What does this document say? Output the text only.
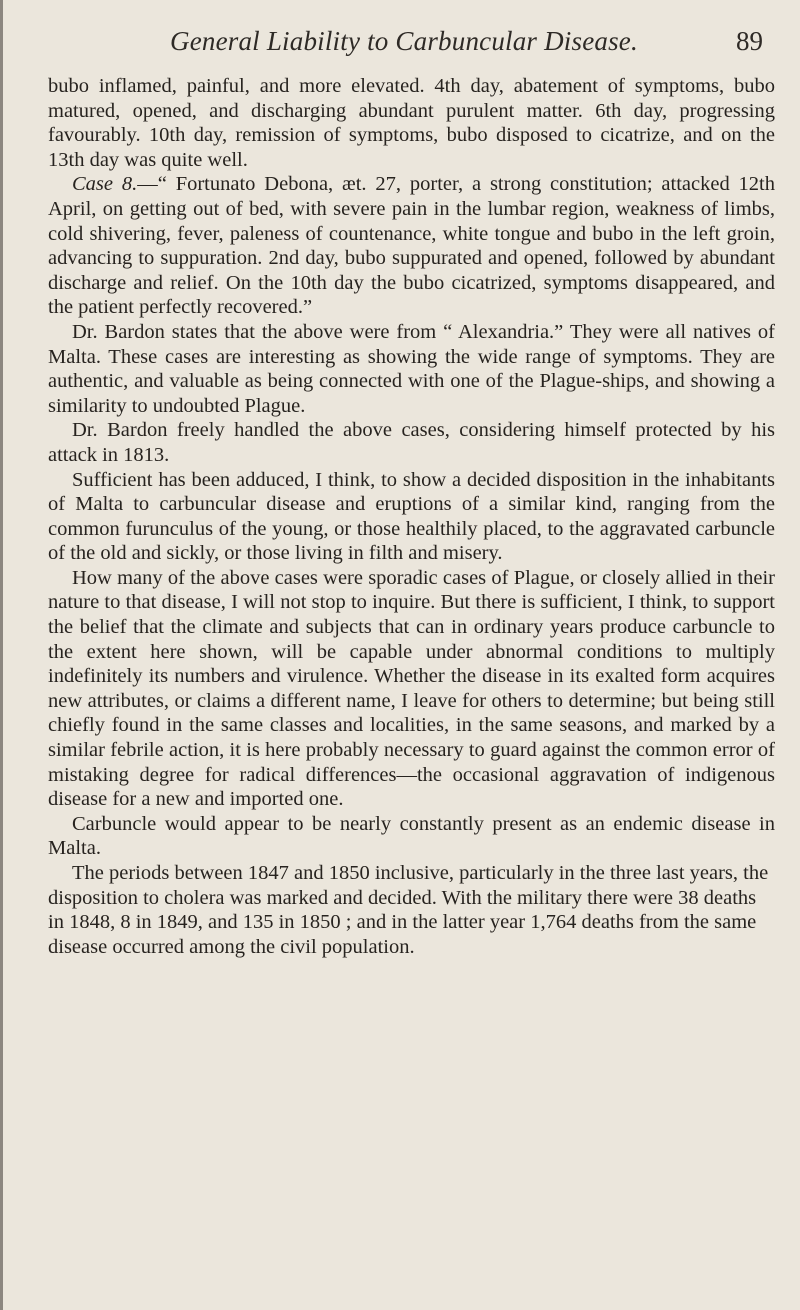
General Liability to Carbuncular Disease.	89

bubo inflamed, painful, and more elevated. 4th day, abatement of symptoms, bubo matured, opened, and discharging abundant purulent matter. 6th day, progressing favourably. 10th day, remission of symptoms, bubo disposed to cicatrize, and on the 13th day was quite well.

Case 8.—“ Fortunato Debona, æt. 27, porter, a strong constitution; attacked 12th April, on getting out of bed, with severe pain in the lumbar region, weakness of limbs, cold shivering, fever, paleness of countenance, white tongue and bubo in the left groin, advancing to suppuration. 2nd day, bubo suppurated and opened, followed by abundant discharge and relief. On the 10th day the bubo cicatrized, symptoms disappeared, and the patient perfectly recovered.”

Dr. Bardon states that the above were from “ Alexandria.” They were all natives of Malta. These cases are interesting as showing the wide range of symptoms. They are authentic, and valuable as being connected with one of the Plague-ships, and showing a similarity to undoubted Plague.

Dr. Bardon freely handled the above cases, considering himself protected by his attack in 1813.

Sufficient has been adduced, I think, to show a decided disposition in the inhabitants of Malta to carbuncular disease and eruptions of a similar kind, ranging from the common furunculus of the young, or those healthily placed, to the aggravated carbuncle of the old and sickly, or those living in filth and misery.

How many of the above cases were sporadic cases of Plague, or closely allied in their nature to that disease, I will not stop to inquire. But there is sufficient, I think, to support the belief that the climate and subjects that can in ordinary years produce carbuncle to the extent here shown, will be capable under abnormal conditions to multiply indefinitely its numbers and virulence. Whether the disease in its exalted form acquires new attributes, or claims a different name, I leave for others to determine; but being still chiefly found in the same classes and localities, in the same seasons, and marked by a similar febrile action, it is here probably necessary to guard against the common error of mistaking degree for radical differences—the occasional aggravation of indigenous disease for a new and imported one.

Carbuncle would appear to be nearly constantly present as an endemic disease in Malta.

The periods between 1847 and 1850 inclusive, particularly in the three last years, the disposition to cholera was marked and decided. With the military there were 38 deaths in 1848, 8 in 1849, and 135 in 1850 ; and in the latter year 1,764 deaths from the same disease occurred among the civil population.
